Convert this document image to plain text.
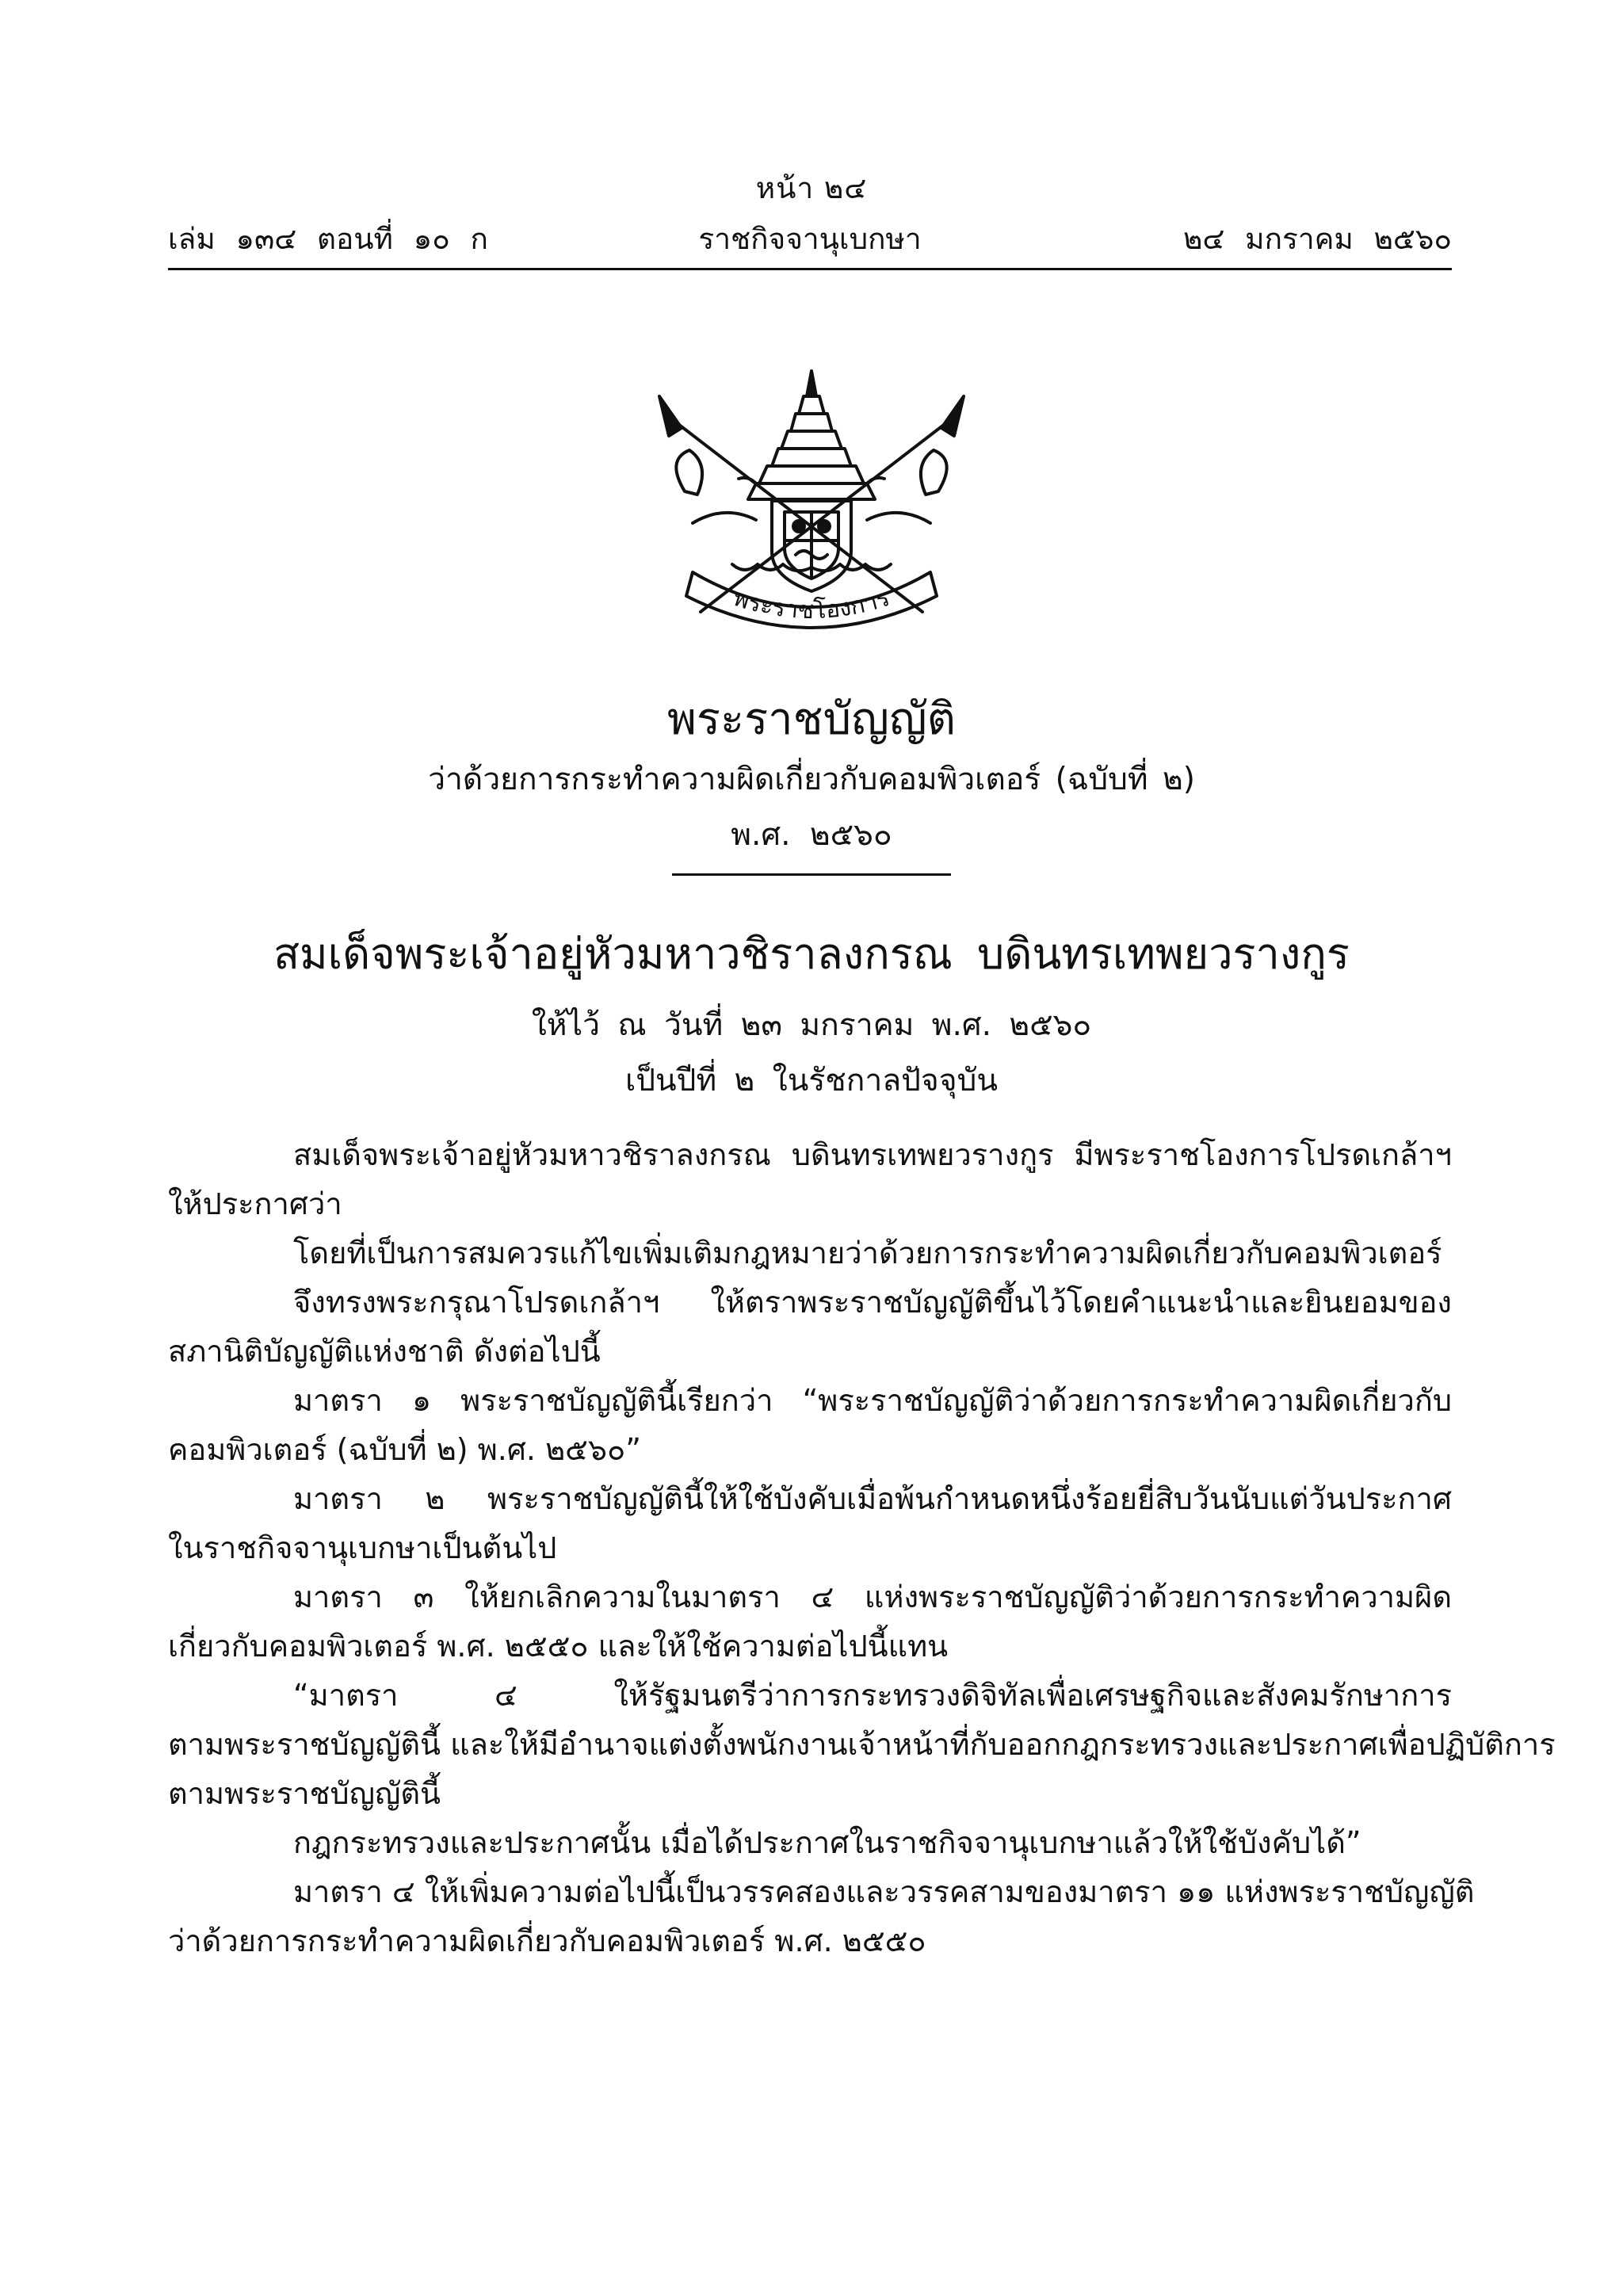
หน้า ๒๔
ราชกิจจานุเบกษา
เล่ม ๑๓๔ ตอนที่ ๑๐ ก	๒๔ มกราคม ๒๕๖๐
พระราชโองการ
พระราชบัญญัติ
ว่าด้วยการกระทำความผิดเกี่ยวกับคอมพิวเตอร์ (ฉบับที่ ๒)
พ.ศ. ๒๕๖๐
สมเด็จพระเจ้าอยู่หัวมหาวชิราลงกรณ บดินทรเทพยวรางกูร
ให้ไว้ ณ วันที่ ๒๓ มกราคม พ.ศ. ๒๕๖๐
เป็นปีที่ ๒ ในรัชกาลปัจจุบัน
สมเด็จพระเจ้าอยู่หัวมหาวชิราลงกรณ บดินทรเทพยวรางกูร มีพระราชโองการโปรดเกล้าฯ
ให้ประกาศว่า
โดยที่เป็นการสมควรแก้ไขเพิ่มเติมกฎหมายว่าด้วยการกระทำความผิดเกี่ยวกับคอมพิวเตอร์
จึงทรงพระกรุณาโปรดเกล้าฯ ให้ตราพระราชบัญญัติขึ้นไว้โดยคำแนะนำและยินยอมของ
สภานิติบัญญัติแห่งชาติ ดังต่อไปนี้
มาตรา ๑ พระราชบัญญัตินี้เรียกว่า “พระราชบัญญัติว่าด้วยการกระทำความผิดเกี่ยวกับ
คอมพิวเตอร์ (ฉบับที่ ๒) พ.ศ. ๒๕๖๐”
มาตรา ๒ พระราชบัญญัตินี้ให้ใช้บังคับเมื่อพ้นกำหนดหนึ่งร้อยยี่สิบวันนับแต่วันประกาศ
ในราชกิจจานุเบกษาเป็นต้นไป
มาตรา ๓ ให้ยกเลิกความในมาตรา ๔ แห่งพระราชบัญญัติว่าด้วยการกระทำความผิด
เกี่ยวกับคอมพิวเตอร์ พ.ศ. ๒๕๕๐ และให้ใช้ความต่อไปนี้แทน
“มาตรา ๔ ให้รัฐมนตรีว่าการกระทรวงดิจิทัลเพื่อเศรษฐกิจและสังคมรักษาการ
ตามพระราชบัญญัตินี้ และให้มีอำนาจแต่งตั้งพนักงานเจ้าหน้าที่กับออกกฎกระทรวงและประกาศเพื่อปฏิบัติการ
ตามพระราชบัญญัตินี้
กฎกระทรวงและประกาศนั้น เมื่อได้ประกาศในราชกิจจานุเบกษาแล้วให้ใช้บังคับได้”
มาตรา ๔ ให้เพิ่มความต่อไปนี้เป็นวรรคสองและวรรคสามของมาตรา ๑๑ แห่งพระราชบัญญัติ
ว่าด้วยการกระทำความผิดเกี่ยวกับคอมพิวเตอร์ พ.ศ. ๒๕๕๐
